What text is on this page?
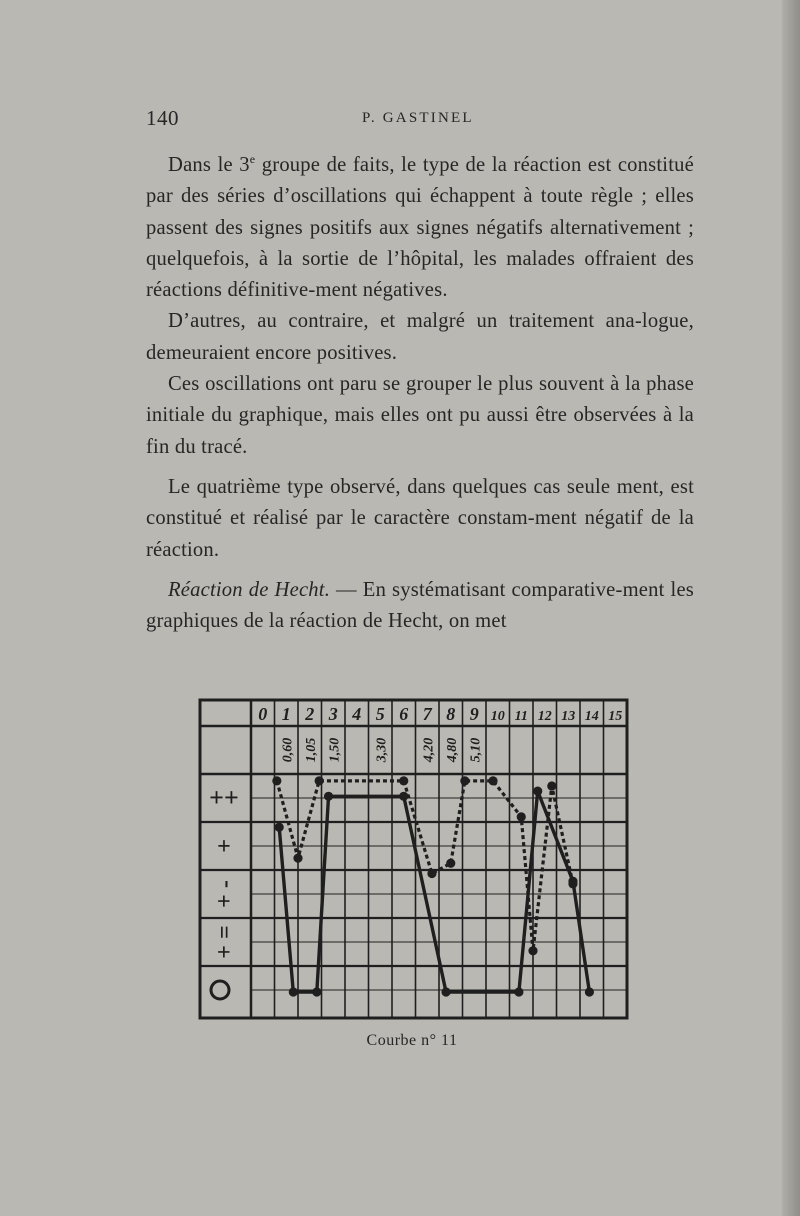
140	P. GASTINEL

Dans le 3e groupe de faits, le type de la réaction est constitué par des séries d’oscillations qui échappent à toute règle ; elles passent des signes positifs aux signes négatifs alternativement ; quelquefois, à la sortie de l’hôpital, les malades offraient des réactions définitive-ment négatives.

D’autres, au contraire, et malgré un traitement ana-logue, demeuraient encore positives.

Ces oscillations ont paru se grouper le plus souvent à la phase initiale du graphique, mais elles ont pu aussi être observées à la fin du tracé.

Le quatrième type observé, dans quelques cas seule ment, est constitué et réalisé par le caractère constam-ment négatif de la réaction.

Réaction de Hecht. — En systématisant comparative-ment les graphiques de la réaction de Hecht, on met

0 1 2 3 4 5 6 7 8 9 10 11 12 13 14 15
0,60 1,05 1,50 3,30 4,20 4,80 5,10
++
+
+ -
+ =
Courbe n° 11
